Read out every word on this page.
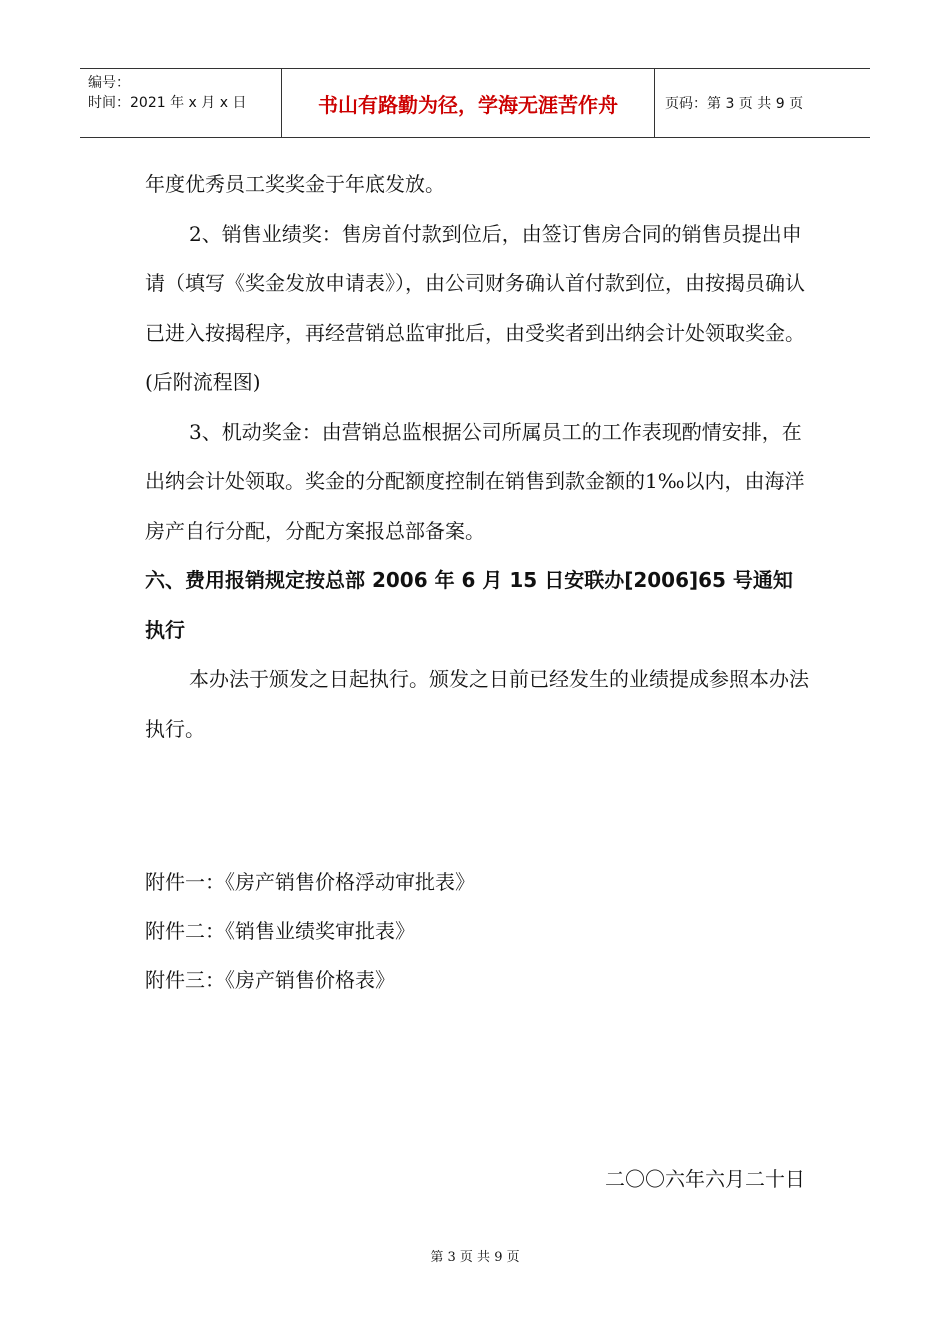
编号：
时间：2021 年 x 月 x 日	书山有路勤为径，学海无涯苦作舟	页码：第 3 页 共 9 页

年度优秀员工奖奖金于年底发放。

2、销售业绩奖：售房首付款到位后，由签订售房合同的销售员提出申请（填写《奖金发放申请表》），由公司财务确认首付款到位，由按揭员确认已进入按揭程序，再经营销总监审批后，由受奖者到出纳会计处领取奖金。(后附流程图)

3、机动奖金：由营销总监根据公司所属员工的工作表现酌情安排，在出纳会计处领取。奖金的分配额度控制在销售到款金额的1‰以内，由海洋房产自行分配，分配方案报总部备案。

六、费用报销规定按总部 2006 年 6 月 15 日安联办[2006]65 号通知执行

本办法于颁发之日起执行。颁发之日前已经发生的业绩提成参照本办法执行。

附件一：《房产销售价格浮动审批表》

附件二：《销售业绩奖审批表》

附件三：《房产销售价格表》

二〇〇六年六月二十日
第 3 页 共 9 页
